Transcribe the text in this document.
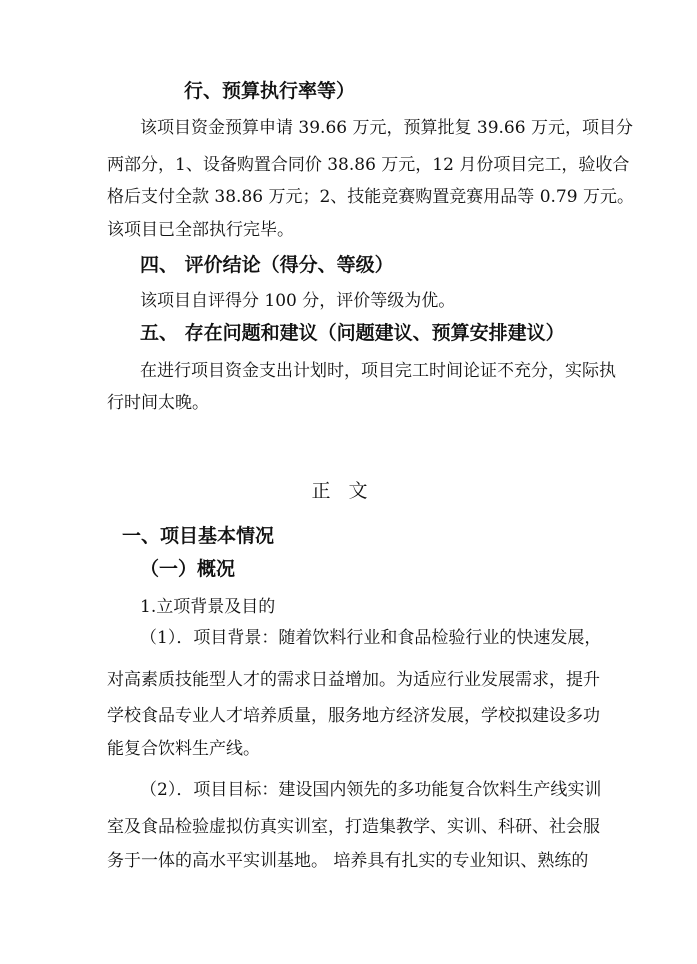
行、预算执行率等）
该项目资金预算申请 39.66 万元，预算批复 39.66 万元，项目分
两部分，1、设备购置合同价 38.86 万元，12 月份项目完工，验收合
格后支付全款 38.86 万元；2、技能竞赛购置竞赛用品等 0.79 万元。
该项目已全部执行完毕。
四、 评价结论（得分、等级）
该项目自评得分 100 分，评价等级为优。
五、 存在问题和建议（问题建议、预算安排建议）
在进行项目资金支出计划时，项目完工时间论证不充分，实际执
行时间太晚。
正文
一、项目基本情况
（一）概况
1.立项背景及目的
（1）．项目背景：随着饮料行业和食品检验行业的快速发展，
对高素质技能型人才的需求日益增加。为适应行业发展需求，提升
学校食品专业人才培养质量，服务地方经济发展，学校拟建设多功
能复合饮料生产线。
（2）．项目目标：建设国内领先的多功能复合饮料生产线实训
室及食品检验虚拟仿真实训室，打造集教学、实训、科研、社会服
务于一体的高水平实训基地。 培养具有扎实的专业知识、熟练的
